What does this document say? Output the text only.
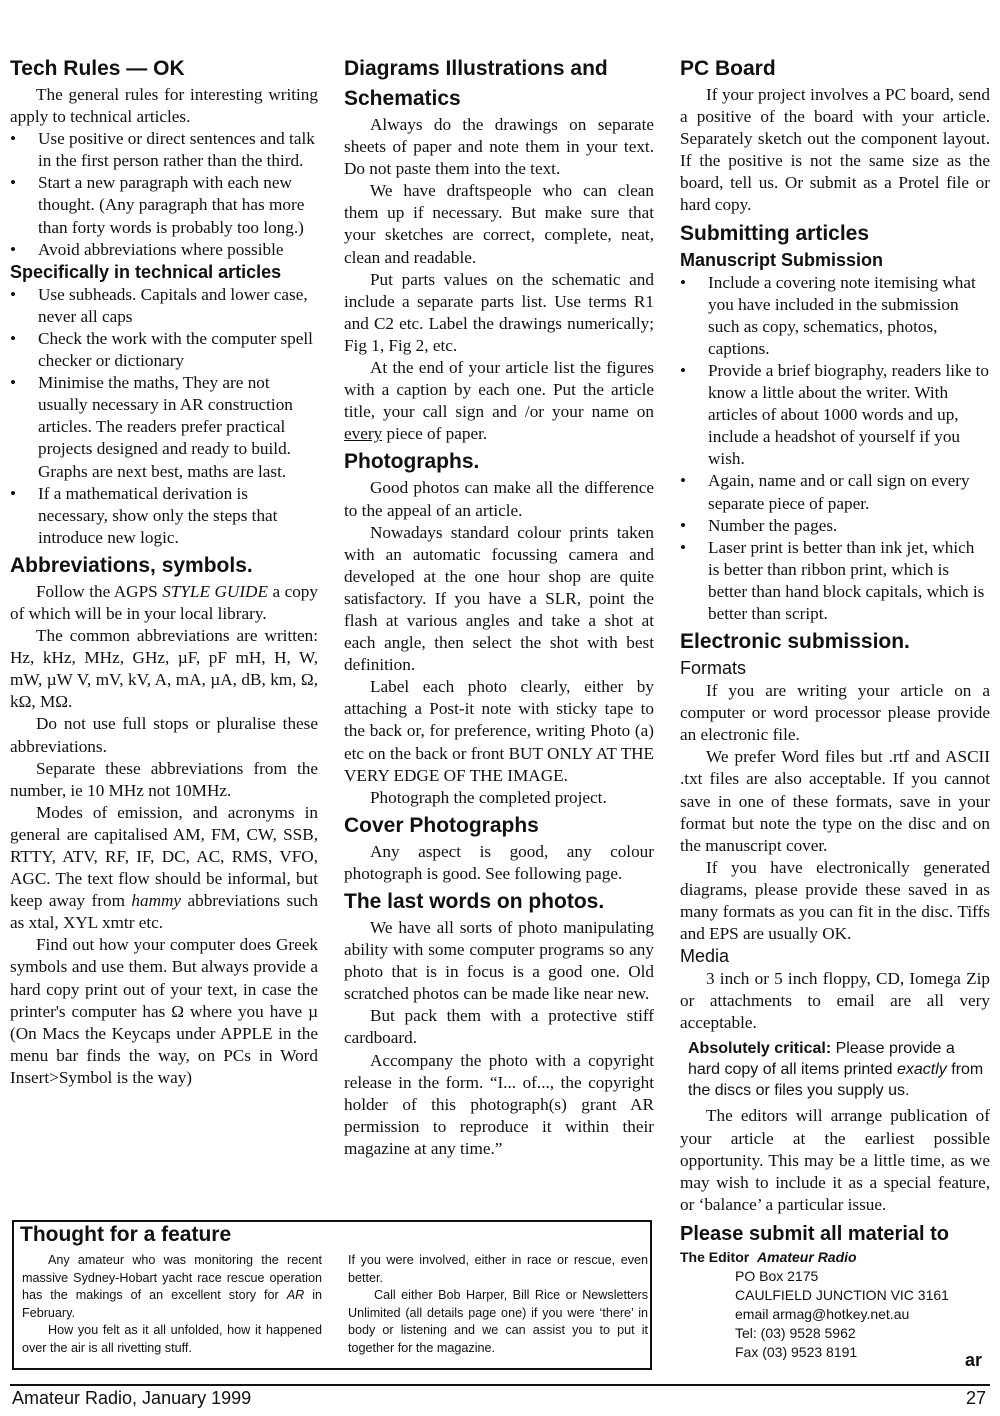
Tech Rules — OK

The general rules for interesting writing apply to technical articles.

• Use positive or direct sentences and talk in the first person rather than the third.
• Start a new paragraph with each new thought. (Any paragraph that has more than forty words is probably too long.)
• Avoid abbreviations where possible
Specifically in technical articles
• Use subheads. Capitals and lower case, never all caps
• Check the work with the computer spell checker or dictionary
• Minimise the maths, They are not usually necessary in AR construction articles. The readers prefer practical projects designed and ready to build. Graphs are next best, maths are last.
• If a mathematical derivation is necessary, show only the steps that introduce new logic.
Abbreviations, symbols.

Follow the AGPS STYLE GUIDE a copy of which will be in your local library.

The common abbreviations are written: Hz, kHz, MHz, GHz, µF, pF mH, H, W, mW, µW V, mV, kV, A, mA, µA, dB, km, Ω, kΩ, MΩ.

Do not use full stops or pluralise these abbreviations.

Separate these abbreviations from the number, ie 10 MHz not 10MHz.

Modes of emission, and acronyms in general are capitalised AM, FM, CW, SSB, RTTY, ATV, RF, IF, DC, AC, RMS, VFO, AGC. The text flow should be informal, but keep away from hammy abbreviations such as xtal, XYL xmtr etc.

Find out how your computer does Greek symbols and use them. But always provide a hard copy print out of your text, in case the printer's computer has Ω where you have µ (On Macs the Keycaps under APPLE in the menu bar finds the way, on PCs in Word Insert>Symbol is the way)

Diagrams Illustrations and Schematics

Always do the drawings on separate sheets of paper and note them in your text. Do not paste them into the text.

We have draftspeople who can clean them up if necessary. But make sure that your sketches are correct, complete, neat, clean and readable.

Put parts values on the schematic and include a separate parts list. Use terms R1 and C2 etc. Label the drawings numerically; Fig 1, Fig 2, etc.

At the end of your article list the figures with a caption by each one. Put the article title, your call sign and /or your name on every piece of paper.

Photographs.

Good photos can make all the difference to the appeal of an article.

Nowadays standard colour prints taken with an automatic focussing camera and developed at the one hour shop are quite satisfactory. If you have a SLR, point the flash at various angles and take a shot at each angle, then select the shot with best definition.

Label each photo clearly, either by attaching a Post-it note with sticky tape to the back or, for preference, writing Photo (a) etc on the back or front BUT ONLY AT THE VERY EDGE OF THE IMAGE.

Photograph the completed project.

Cover Photographs

Any aspect is good, any colour photograph is good. See following page.

The last words on photos.

We have all sorts of photo manipulating ability with some computer programs so any photo that is in focus is a good one. Old scratched photos can be made like near new.

But pack them with a protective stiff cardboard.

Accompany the photo with a copyright release in the form. “I... of..., the copyright holder of this photograph(s) grant AR permission to reproduce it within their magazine at any time.”

PC Board

If your project involves a PC board, send a positive of the board with your article. Separately sketch out the component layout. If the positive is not the same size as the board, tell us. Or submit as a Protel file or hard copy.

Submitting articles
Manuscript Submission
• Include a covering note itemising what you have included in the submission such as copy, schematics, photos, captions.
• Provide a brief biography, readers like to know a little about the writer. With articles of about 1000 words and up, include a headshot of yourself if you wish.
• Again, name and or call sign on every separate piece of paper.
• Number the pages.
• Laser print is better than ink jet, which is better than ribbon print, which is better than hand block capitals, which is better than script.
Electronic submission.
Formats

If you are writing your article on a computer or word processor please provide an electronic file.

We prefer Word files but .rtf and ASCII .txt files are also acceptable. If you cannot save in one of these formats, save in your format but note the type on the disc and on the manuscript cover.

If you have electronically generated diagrams, please provide these saved in as many formats as you can fit in the disc. Tiffs and EPS are usually OK.

Media

3 inch or 5 inch floppy, CD, Iomega Zip or attachments to email are all very acceptable.

Absolutely critical: Please provide a hard copy of all items printed exactly from the discs or files you supply us.

The editors will arrange publication of your article at the earliest possible opportunity. This may be a little time, as we may wish to include it as a special feature, or ‘balance’ a particular issue.

Thought for a feature

Any amateur who was monitoring the recent massive Sydney-Hobart yacht race rescue operation has the makings of an excellent story for AR in February.

How you felt as it all unfolded, how it happened over the air is all rivetting stuff.

If you were involved, either in race or rescue, even better.

Call either Bob Harper, Bill Rice or Newsletters Unlimited (all details page one) if you were ‘there’ in body or listening and we can assist you to put it together for the magazine.

Please submit all material to
The Editor Amateur Radio
PO Box 2175
CAULFIELD JUNCTION VIC 3161
email armag@hotkey.net.au
Tel: (03) 9528 5962
Fax (03) 9523 8191	ar
Amateur Radio, January 1999	27
